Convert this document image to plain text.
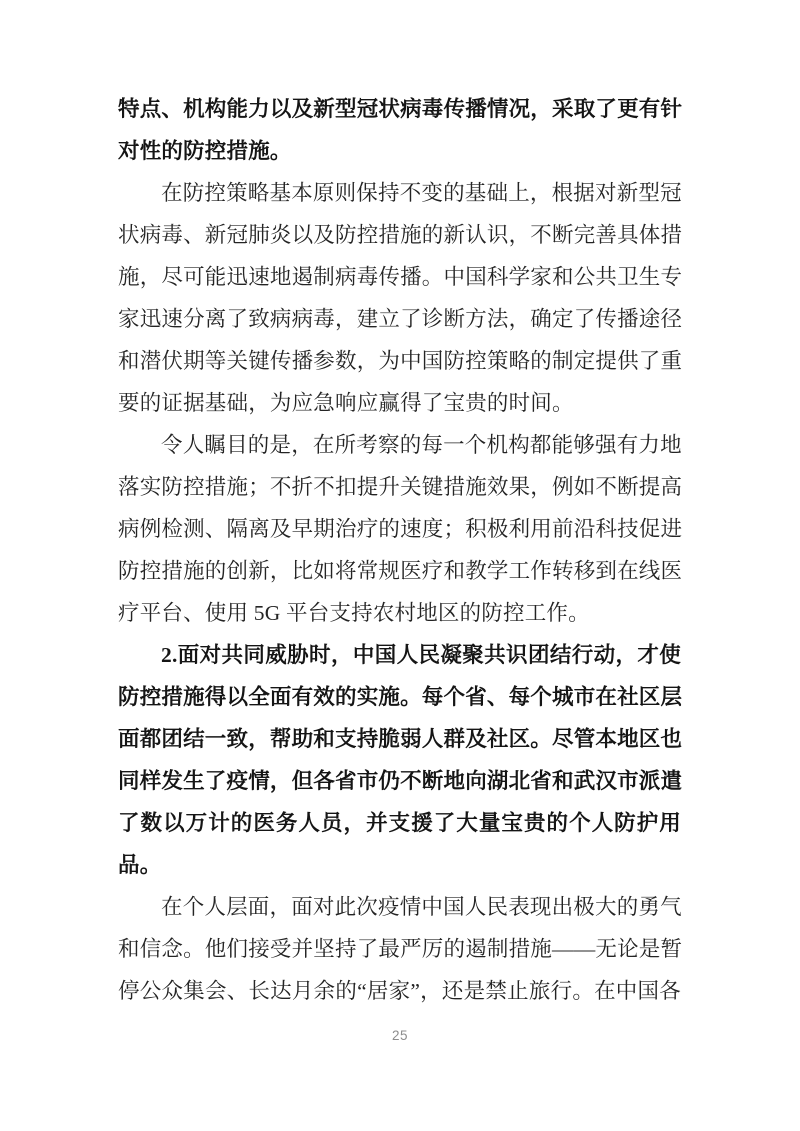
特点、机构能力以及新型冠状病毒传播情况，采取了更有针
对性的防控措施。
在防控策略基本原则保持不变的基础上，根据对新型冠
状病毒、新冠肺炎以及防控措施的新认识，不断完善具体措
施，尽可能迅速地遏制病毒传播。中国科学家和公共卫生专
家迅速分离了致病病毒，建立了诊断方法，确定了传播途径
和潜伏期等关键传播参数，为中国防控策略的制定提供了重
要的证据基础，为应急响应赢得了宝贵的时间。
令人瞩目的是，在所考察的每一个机构都能够强有力地
落实防控措施；不折不扣提升关键措施效果，例如不断提高
病例检测、隔离及早期治疗的速度；积极利用前沿科技促进
防控措施的创新，比如将常规医疗和教学工作转移到在线医
疗平台、使用 5G 平台支持农村地区的防控工作。
2.面对共同威胁时，中国人民凝聚共识团结行动，才使
防控措施得以全面有效的实施。每个省、每个城市在社区层
面都团结一致，帮助和支持脆弱人群及社区。尽管本地区也
同样发生了疫情，但各省市仍不断地向湖北省和武汉市派遣
了数以万计的医务人员，并支援了大量宝贵的个人防护用
品。
在个人层面，面对此次疫情中国人民表现出极大的勇气
和信念。他们接受并坚持了最严厉的遏制措施——无论是暂
停公众集会、长达月余的“居家”，还是禁止旅行。在中国各
25
